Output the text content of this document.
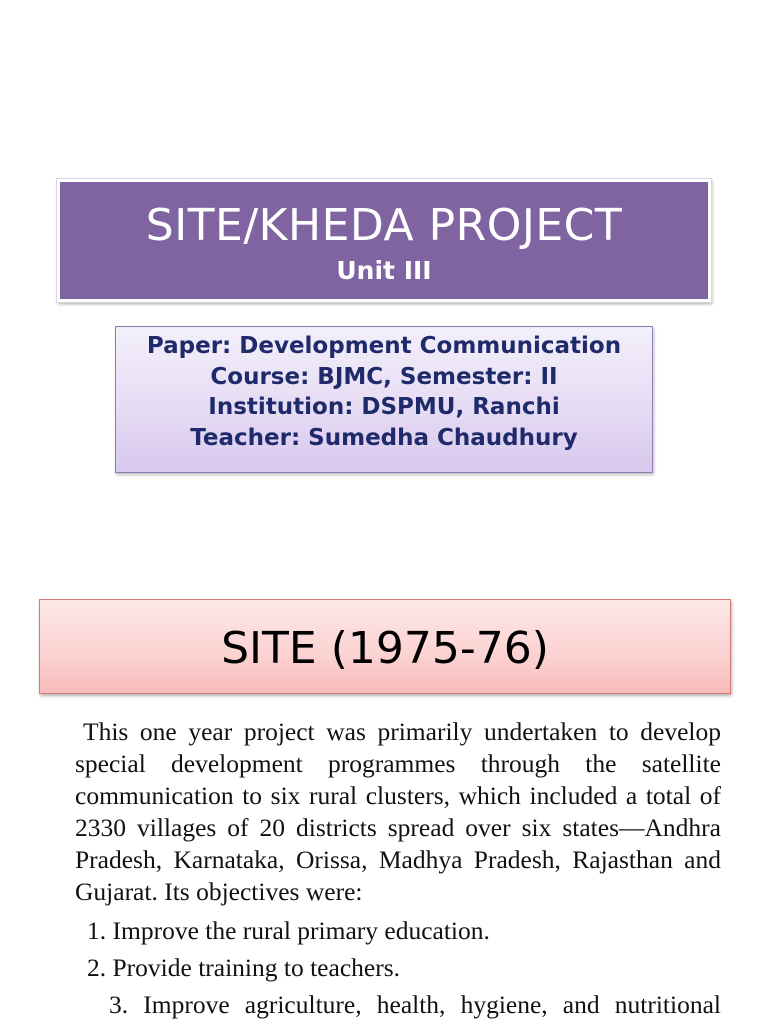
SITE/KHEDA PROJECT
Unit III
Paper: Development Communication
Course: BJMC, Semester: II
Institution: DSPMU, Ranchi
Teacher: Sumedha Chaudhury
SITE (1975-76)
This one year project was primarily undertaken to develop special development programmes through the satellite communication to six rural clusters, which included a total of 2330 villages of 20 districts spread over six states—Andhra Pradesh, Karnataka, Orissa, Madhya Pradesh, Rajasthan and Gujarat. Its objectives were:
1. Improve the rural primary education.
2. Provide training to teachers.
3. Improve agriculture, health, hygiene, and nutritional
